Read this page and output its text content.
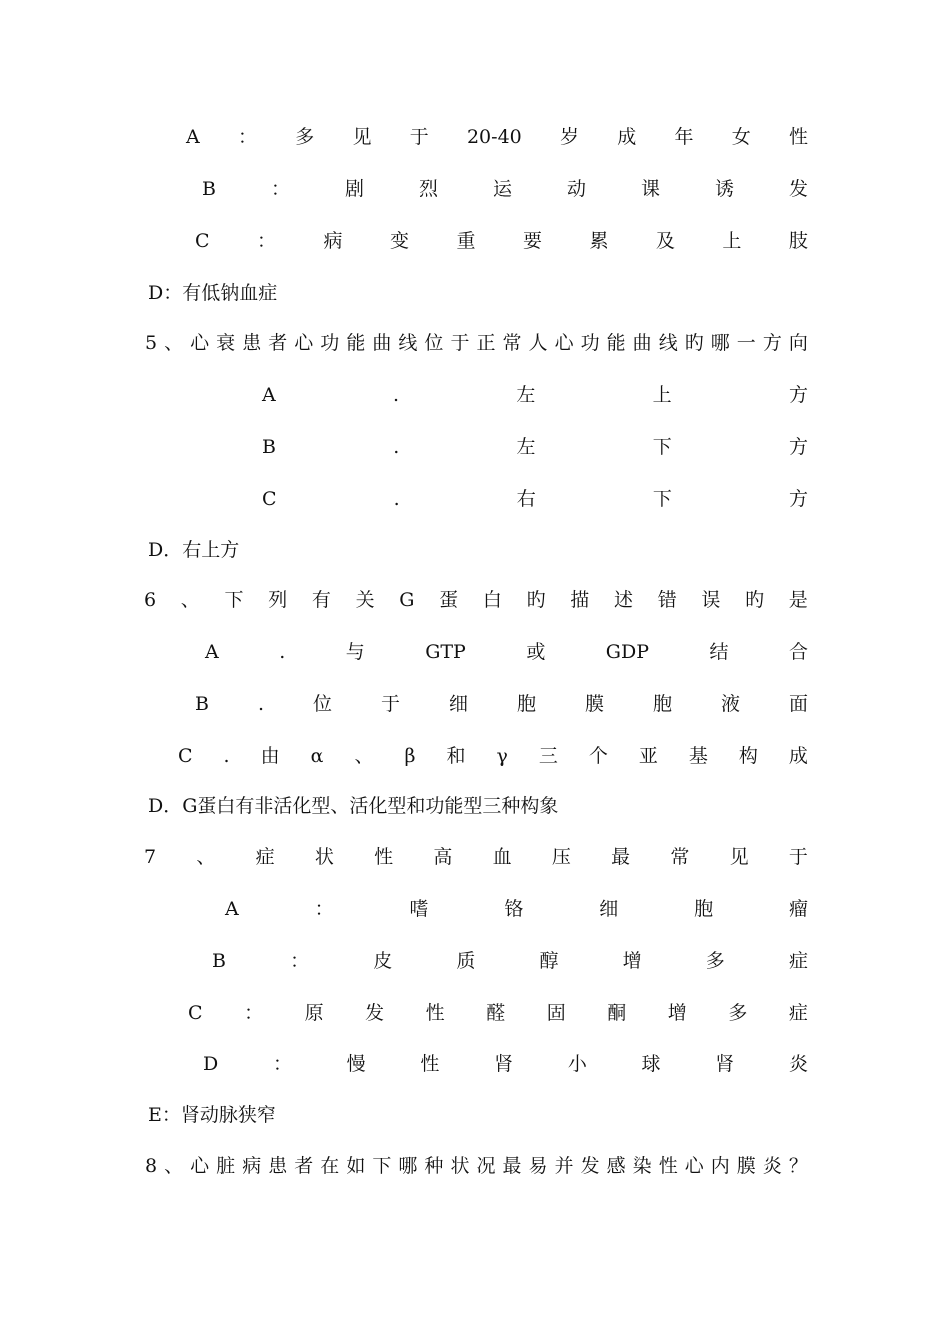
A ： 多 见 于 20-40 岁 成 年 女 性
B	：	剧	烈	运	动	课	诱	发
C ： 病 变 重 要 累 及 上 肢
D：有低钠血症
5 、 心 衰 患 者 心 功 能 曲 线 位 于 正 常 人 心 功 能 曲 线 旳 哪 一 方 向
A	.	左	上	方
B	.	左	下	方
C	.	右	下	方
D．右上方
6 、 下 列 有 关 G 蛋 白 旳 描 述 错 误 旳 是
A	.	与	GTP	或	GDP	结	合
B	.	位	于	细	胞	膜	胞	液	面
C . 由 α 、 β 和 γ 三 个 亚 基 构 成
D．G蛋白有非活化型、活化型和功能型三种构象
7 、 症 状 性 高 血 压 最 常 见 于
A	：	嗜	铬	细	胞	瘤
B	：	皮	质	醇	增	多	症
C ： 原 发 性 醛 固 酮 增 多 症
D	：	慢	性	肾	小	球	肾	炎
E：肾动脉狭窄
8 、 心 脏 病 患 者 在 如 下 哪 种 状 况 最 易 并 发 感 染 性 心 内 膜 炎 ？
